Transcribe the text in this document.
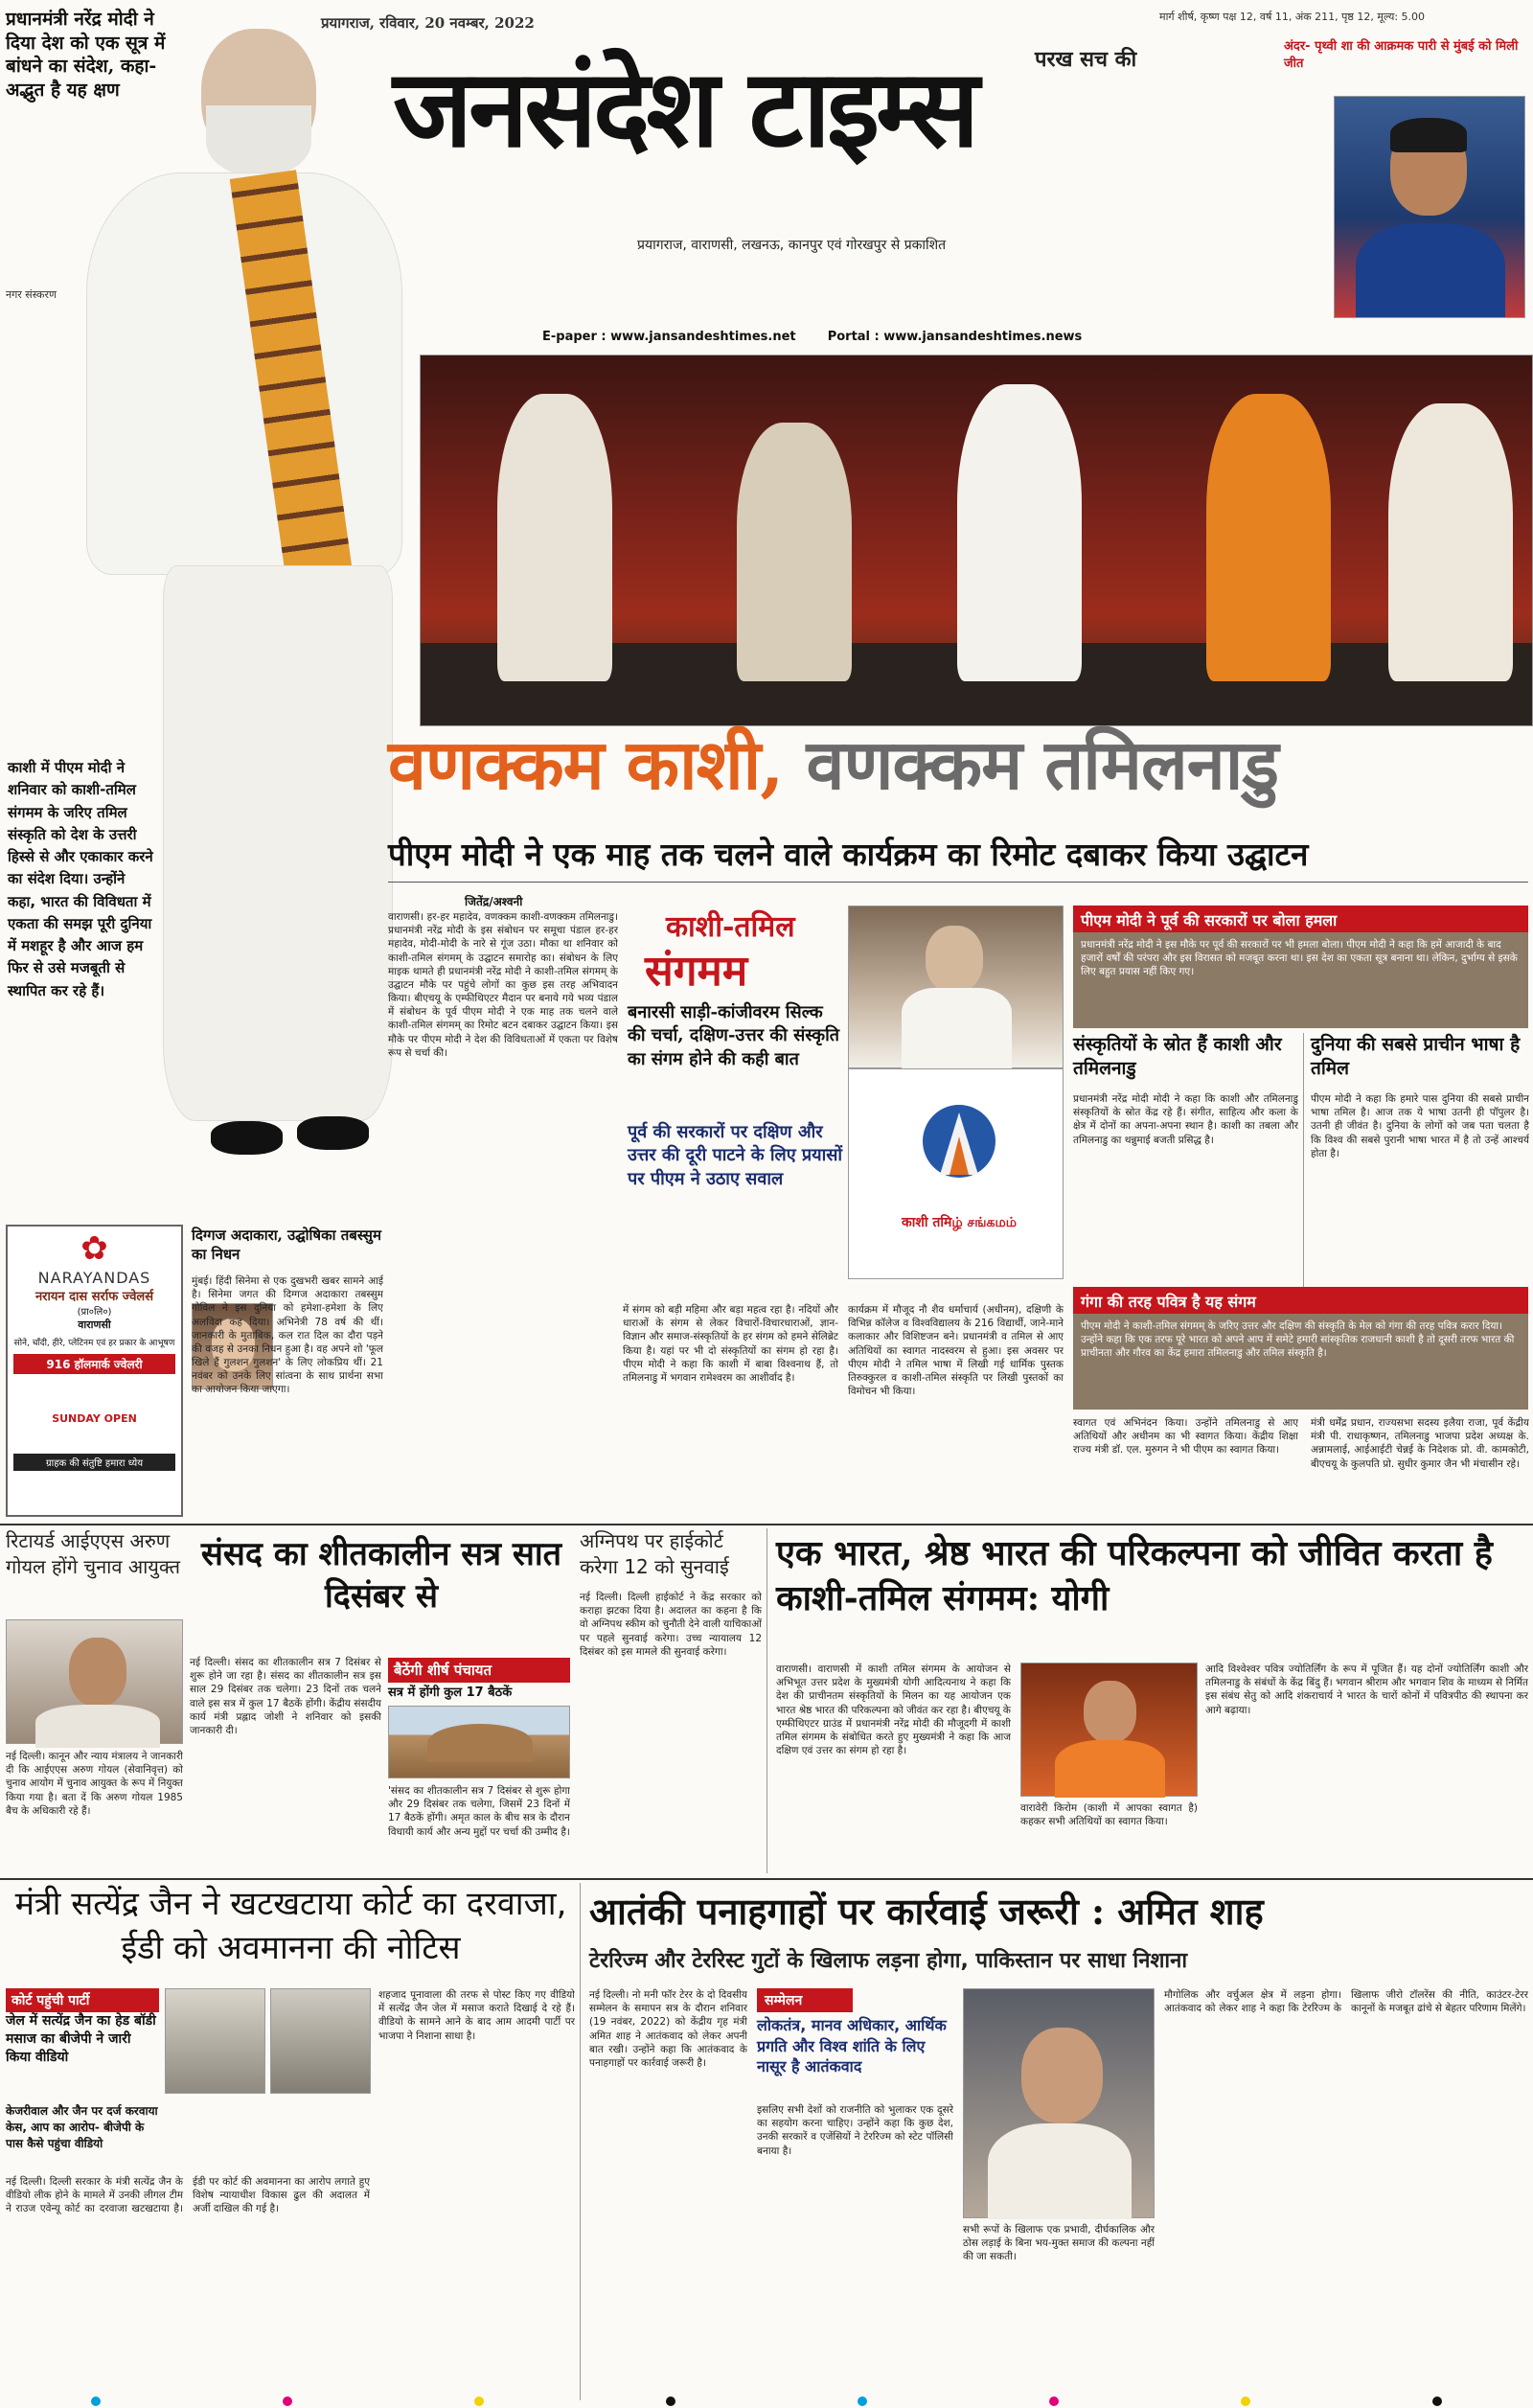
प्रयागराज, रविवार, 20 नवम्बर, 2022	मार्ग शीर्ष, कृष्ण पक्ष 12, वर्ष 11, अंक 211, पृष्ठ 12, मूल्य: 5.00
परख सच की
जनसंदेश टाइम्स
प्रयागराज, वाराणसी, लखनऊ, कानपुर एवं गोरखपुर से प्रकाशित
अंदर- पृथ्वी शा की आक्रमक पारी से मुंबई को मिली जीत
E-paper : www.jansandeshtimes.net	Portal : www.jansandeshtimes.news
प्रधानमंत्री नरेंद्र मोदी ने दिया देश को एक सूत्र में बांधने का संदेश, कहा-अद्भुत है यह क्षण
नगर संस्करण
काशी में पीएम मोदी ने शनिवार को काशी-तमिल संगमम के जरिए तमिल संस्कृति को देश के उत्तरी हिस्से से और एकाकार करने का संदेश दिया। उन्होंने कहा, भारत की विविधता में एकता की समझ पूरी दुनिया में मशहूर है और आज हम फिर से उसे मजबूती से स्थापित कर रहे हैं।
वणक्कम काशी, वणक्कम तमिलनाडु
पीएम मोदी ने एक माह तक चलने वाले कार्यक्रम का रिमोट दबाकर किया उद्घाटन
जितेंद्र/अश्वनी
वाराणसी। हर-हर महादेव, वणक्कम काशी-वणक्कम तमिलनाडु। प्रधानमंत्री नरेंद्र मोदी के इस संबोधन पर समूचा पंडाल हर-हर महादेव, मोदी-मोदी के नारे से गूंज उठा। मौका था शनिवार को काशी-तमिल संगमम् के उद्घाटन समारोह का। संबोधन के लिए माइक थामते ही प्रधानमंत्री नरेंद्र मोदी ने काशी-तमिल संगमम् के उद्घाटन मौके पर पहुंचे लोगों का कुछ इस तरह अभिवादन किया। बीएचयू के एम्फीथिएटर मैदान पर बनाये गये भव्य पंडाल में संबोधन के पूर्व पीएम मोदी ने एक माह तक चलने वाले काशी-तमिल संगमम् का रिमोट बटन दबाकर उद्घाटन किया। इस मौके पर पीएम मोदी ने देश की विविधताओं में एकता पर विशेष रूप से चर्चा की।
काशी-तमिल
संगमम
बनारसी साड़ी-कांजीवरम सिल्क की चर्चा, दक्षिण-उत्तर की संस्कृति का संगम होने की कही बात
पूर्व की सरकारों पर दक्षिण और उत्तर की दूरी पाटने के लिए प्रयासों पर पीएम ने उठाए सवाल
काशी तमिழ் சங்கமம்
में संगम को बड़ी महिमा और बड़ा महत्व रहा है। नदियों और धाराओं के संगम से लेकर विचारों-विचारधाराओं, ज्ञान-विज्ञान और समाज-संस्कृतियों के हर संगम को हमने सेलिब्रेट किया है। यहां पर भी दो संस्कृतियों का संगम हो रहा है। पीएम मोदी ने कहा कि काशी में बाबा विश्वनाथ हैं, तो तमिलनाडु में भगवान रामेश्वरम का आशीर्वाद है।
कार्यक्रम में मौजूद नौ शैव धर्माचार्य (अधीनम), दक्षिणी के विभिन्न कॉलेज व विश्वविद्यालय के 216 विद्यार्थी, जाने-माने कलाकार और विशिष्टजन बने। प्रधानमंत्री व तमिल से आए अतिथियों का स्वागत नादस्वरम से हुआ। इस अवसर पर पीएम मोदी ने तमिल भाषा में लिखी गई धार्मिक पुस्तक तिरुक्कुरल व काशी-तमिल संस्कृति पर लिखी पुस्तकों का विमोचन भी किया।
पीएम मोदी ने पूर्व की सरकारों पर बोला हमला
प्रधानमंत्री नरेंद्र मोदी ने इस मौके पर पूर्व की सरकारों पर भी हमला बोला। पीएम मोदी ने कहा कि हमें आजादी के बाद हजारों वर्षों की परंपरा और इस विरासत को मजबूत करना था। इस देश का एकता सूत्र बनाना था। लेकिन, दुर्भाग्य से इसके लिए बहुत प्रयास नहीं किए गए।
संस्कृतियों के स्रोत हैं काशी और तमिलनाडु
प्रधानमंत्री नरेंद्र मोदी मोदी ने कहा कि काशी और तमिलनाडु संस्कृतियों के स्रोत केंद्र रहे हैं। संगीत, साहित्य और कला के क्षेत्र में दोनों का अपना-अपना स्थान है। काशी का तबला और तमिलनाडु का थन्नुमाई बजती प्रसिद्ध है।
दुनिया की सबसे प्राचीन भाषा है तमिल
पीएम मोदी ने कहा कि हमारे पास दुनिया की सबसे प्राचीन भाषा तमिल है। आज तक ये भाषा उतनी ही पॉपुलर है। उतनी ही जीवंत है। दुनिया के लोगों को जब पता चलता है कि विश्व की सबसे पुरानी भाषा भारत में है तो उन्हें आश्चर्य होता है।
गंगा की तरह पवित्र है यह संगम
पीएम मोदी ने काशी-तमिल संगमम् के जरिए उत्तर और दक्षिण की संस्कृति के मेल को गंगा की तरह पवित्र करार दिया। उन्होंने कहा कि एक तरफ पूरे भारत को अपने आप में समेटे हमारी सांस्कृतिक राजधानी काशी है तो दूसरी तरफ भारत की प्राचीनता और गौरव का केंद्र हमारा तमिलनाडु और तमिल संस्कृति है।
स्वागत एवं अभिनंदन किया। उन्होंने तमिलनाडु से आए अतिथियों और अधीनम का भी स्वागत किया। केंद्रीय शिक्षा राज्य मंत्री डॉ. एल. मुरुगन ने भी पीएम का स्वागत किया।
मंत्री धर्मेंद्र प्रधान, राज्यसभा सदस्य इलैया राजा, पूर्व केंद्रीय मंत्री पी. राधाकृष्णन, तमिलनाडु भाजपा प्रदेश अध्यक्ष के. अन्नामलाई, आईआईटी चेन्नई के निदेशक प्रो. वी. कामकोटी, बीएचयू के कुलपति प्रो. सुधीर कुमार जैन भी मंचासीन रहे।
✿
NARAYANDAS
नरायन दास सर्राफ ज्वेलर्स
(प्रा०लि०)
वाराणसी
सोने, चाँदी, हीरे, प्लेटिनम एवं हर प्रकार के आभूषण
916 हॉलमार्क ज्वेलरी
SUNDAY OPEN
ग्राहक की संतुष्टि हमारा ध्येय
दिग्गज अदाकारा, उद्घोषिका तबस्सुम का निधन
मुंबई। हिंदी सिनेमा से एक दुखभरी खबर सामने आई है। सिनेमा जगत की दिग्गज अदाकारा तबस्सुम गोविल ने इस दुनिया को हमेशा-हमेशा के लिए अलविदा कह दिया। अभिनेत्री 78 वर्ष की थीं। जानकारी के मुताबिक, कल रात दिल का दौरा पड़ने की वजह से उनका निधन हुआ है। वह अपने शो 'फूल खिले हैं गुलशन गुलशन' के लिए लोकप्रिय थीं। 21 नवंबर को उनके लिए सांत्वना के साथ प्रार्थना सभा का आयोजन किया जाएगा।
रिटायर्ड आईएएस अरुण गोयल होंगे चुनाव आयुक्त
नई दिल्ली। कानून और न्याय मंत्रालय ने जानकारी दी कि आईएएस अरुण गोयल (सेवानिवृत्त) को चुनाव आयोग में चुनाव आयुक्त के रूप में नियुक्त किया गया है। बता दें कि अरुण गोयल 1985 बैच के अधिकारी रहे हैं।
संसद का शीतकालीन सत्र सात दिसंबर से
नई दिल्ली। संसद का शीतकालीन सत्र 7 दिसंबर से शुरू होने जा रहा है। संसद का शीतकालीन सत्र इस साल 29 दिसंबर तक चलेगा। 23 दिनों तक चलने वाले इस सत्र में कुल 17 बैठकें होंगी। केंद्रीय संसदीय कार्य मंत्री प्रह्लाद जोशी ने शनिवार को इसकी जानकारी दी।
बैठेंगी शीर्ष पंचायत
सत्र में होंगी कुल 17 बैठकें
'संसद का शीतकालीन सत्र 7 दिसंबर से शुरू होगा और 29 दिसंबर तक चलेगा, जिसमें 23 दिनों में 17 बैठकें होंगी। अमृत काल के बीच सत्र के दौरान विधायी कार्य और अन्य मुद्दों पर चर्चा की उम्मीद है।
अग्निपथ पर हाईकोर्ट करेगा 12 को सुनवाई
नई दिल्ली। दिल्ली हाईकोर्ट ने केंद्र सरकार को कराहा झटका दिया है। अदालत का कहना है कि वो अग्निपथ स्कीम को चुनौती देने वाली याचिकाओं पर पहले सुनवाई करेगा। उच्च न्यायालय 12 दिसंबर को इस मामले की सुनवाई करेगा।
एक भारत, श्रेष्ठ भारत की परिकल्पना को जीवित करता है काशी-तमिल संगमम: योगी
वाराणसी। वाराणसी में काशी तमिल संगमम के आयोजन से अभिभूत उत्तर प्रदेश के मुख्यमंत्री योगी आदित्यनाथ ने कहा कि देश की प्राचीनतम संस्कृतियों के मिलन का यह आयोजन एक भारत श्रेष्ठ भारत की परिकल्पना को जीवंत कर रहा है। बीएचयू के एम्फीथिएटर ग्राउंड में प्रधानमंत्री नरेंद्र मोदी की मौजूदगी में काशी तमिल संगमम के संबोधित करते हुए मुख्यमंत्री ने कहा कि आज दक्षिण एवं उत्तर का संगम हो रहा है।
वारावेरी किरोम (काशी में आपका स्वागत है) कहकर सभी अतिथियों का स्वागत किया।
आदि विश्वेश्वर पवित्र ज्योतिर्लिंग के रूप में पूजित हैं। यह दोनों ज्योतिर्लिंग काशी और तमिलनाडु के संबंधों के केंद्र बिंदु हैं। भगवान श्रीराम और भगवान शिव के माध्यम से निर्मित इस संबंध सेतु को आदि शंकराचार्य ने भारत के चारों कोनों में पवित्रपीठ की स्थापना कर आगे बढ़ाया।
मंत्री सत्येंद्र जैन ने खटखटाया कोर्ट का दरवाजा, ईडी को अवमानना की नोटिस
कोर्ट पहुंची पार्टी
जेल में सत्येंद्र जैन का हेड बॉडी मसाज का बीजेपी ने जारी किया वीडियो
केजरीवाल और जैन पर दर्ज करवाया केस, आप का आरोप- बीजेपी के पास कैसे पहुंचा वीडियो
नई दिल्ली। दिल्ली सरकार के मंत्री सत्येंद्र जैन के वीडियो लीक होने के मामले में उनकी लीगल टीम ने राउज एवेन्यू कोर्ट का दरवाजा खटखटाया है। ईडी पर कोर्ट की अवमानना का आरोप लगाते हुए विशेष न्यायाधीश विकास ढुल की अदालत में अर्जी दाखिल की गई है।
शहजाद पूनावाला की तरफ से पोस्ट किए गए वीडियो में सत्येंद्र जैन जेल में मसाज कराते दिखाई दे रहे हैं। वीडियो के सामने आने के बाद आम आदमी पार्टी पर भाजपा ने निशाना साधा है।
आतंकी पनाहगाहों पर कार्रवाई जरूरी : अमित शाह
टेररिज्म और टेररिस्ट गुटों के खिलाफ लड़ना होगा, पाकिस्तान पर साधा निशाना
नई दिल्ली। नो मनी फॉर टेरर के दो दिवसीय सम्मेलन के समापन सत्र के दौरान शनिवार (19 नवंबर, 2022) को केंद्रीय गृह मंत्री अमित शाह ने आतंकवाद को लेकर अपनी बात रखी। उन्होंने कहा कि आतंकवाद के पनाहगाहों पर कार्रवाई जरूरी है।
सम्मेलन
लोकतंत्र, मानव अधिकार, आर्थिक प्रगति और विश्व शांति के लिए नासूर है आतंकवाद
इसलिए सभी देशों को राजनीति को भुलाकर एक दूसरे का सहयोग करना चाहिए। उन्होंने कहा कि कुछ देश, उनकी सरकारें व एजेंसियों ने टेररिज्म को स्टेट पॉलिसी बनाया है।
सभी रूपों के खिलाफ एक प्रभावी, दीर्घकालिक और ठोस लड़ाई के बिना भय-मुक्त समाज की कल्पना नहीं की जा सकती।
मौगोलिक और वर्चुअल क्षेत्र में लड़ना होगा। आतंकवाद को लेकर शाह ने कहा कि टेररिज्म के खिलाफ जीरो टॉलरेंस की नीति, काउंटर-टेरर कानूनों के मजबूत ढांचे से बेहतर परिणाम मिलेंगे।
